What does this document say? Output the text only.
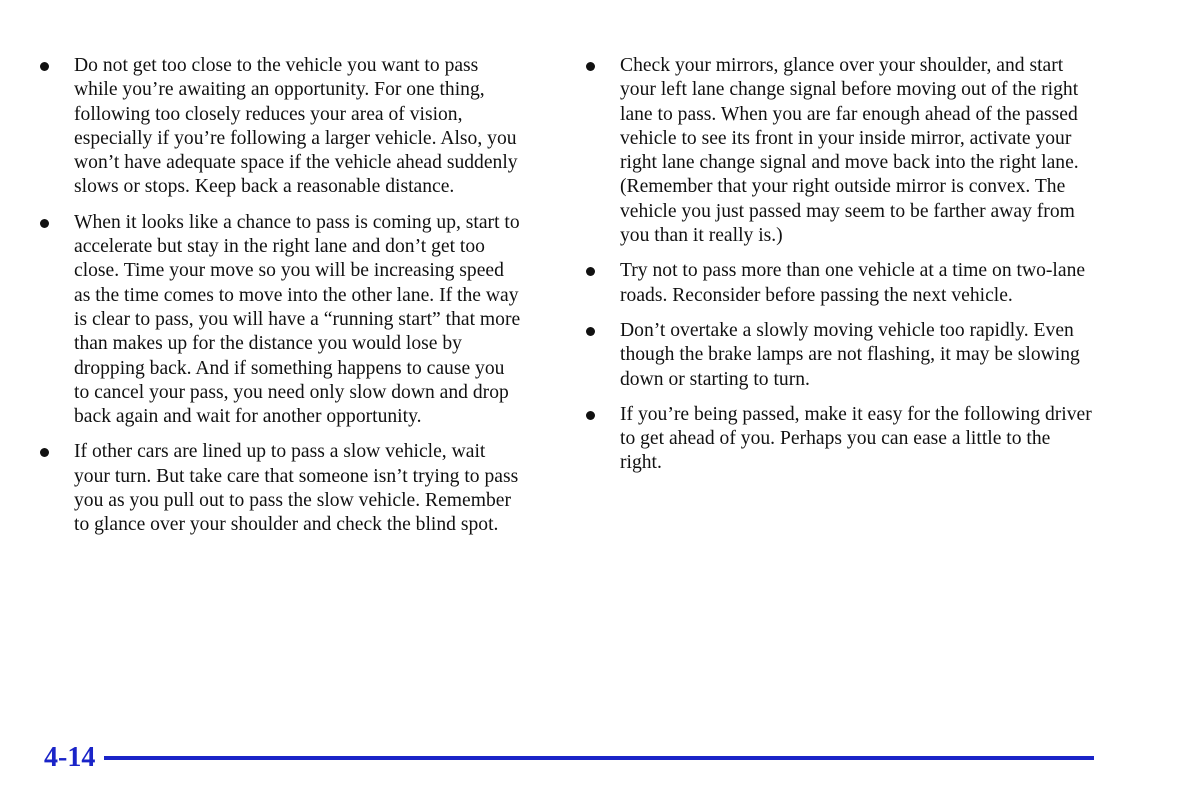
Do not get too close to the vehicle you want to pass while you’re awaiting an opportunity. For one thing, following too closely reduces your area of vision, especially if you’re following a larger vehicle. Also, you won’t have adequate space if the vehicle ahead suddenly slows or stops. Keep back a reasonable distance.
When it looks like a chance to pass is coming up, start to accelerate but stay in the right lane and don’t get too close. Time your move so you will be increasing speed as the time comes to move into the other lane. If the way is clear to pass, you will have a “running start” that more than makes up for the distance you would lose by dropping back. And if something happens to cause you to cancel your pass, you need only slow down and drop back again and wait for another opportunity.
If other cars are lined up to pass a slow vehicle, wait your turn. But take care that someone isn’t trying to pass you as you pull out to pass the slow vehicle. Remember to glance over your shoulder and check the blind spot.
Check your mirrors, glance over your shoulder, and start your left lane change signal before moving out of the right lane to pass. When you are far enough ahead of the passed vehicle to see its front in your inside mirror, activate your right lane change signal and move back into the right lane. (Remember that your right outside mirror is convex. The vehicle you just passed may seem to be farther away from you than it really is.)
Try not to pass more than one vehicle at a time on two-lane roads. Reconsider before passing the next vehicle.
Don’t overtake a slowly moving vehicle too rapidly. Even though the brake lamps are not flashing, it may be slowing down or starting to turn.
If you’re being passed, make it easy for the following driver to get ahead of you. Perhaps you can ease a little to the right.
4-14
